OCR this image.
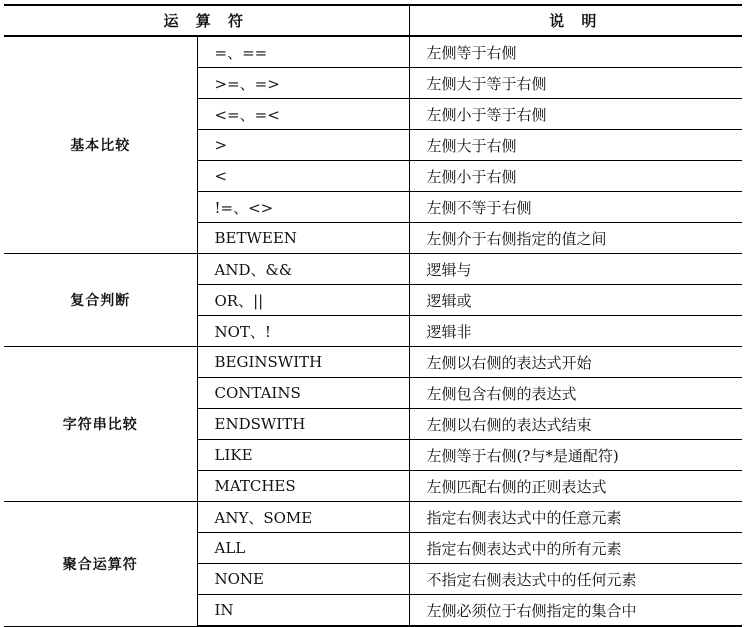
运 算 符		说 明
基本比较	=、==	左侧等于右侧
	>=、=>	左侧大于等于右侧
	<=、=<	左侧小于等于右侧
	>	左侧大于右侧
	<	左侧小于右侧
	!=、<>	左侧不等于右侧
	BETWEEN	左侧介于右侧指定的值之间
复合判断	AND、&&	逻辑与
	OR、||	逻辑或
	NOT、!	逻辑非
字符串比较	BEGINSWITH	左侧以右侧的表达式开始
	CONTAINS	左侧包含右侧的表达式
	ENDSWITH	左侧以右侧的表达式结束
	LIKE	左侧等于右侧(?与*是通配符)
	MATCHES	左侧匹配右侧的正则表达式
聚合运算符	ANY、SOME	指定右侧表达式中的任意元素
	ALL	指定右侧表达式中的所有元素
	NONE	不指定右侧表达式中的任何元素
	IN	左侧必须位于右侧指定的集合中
